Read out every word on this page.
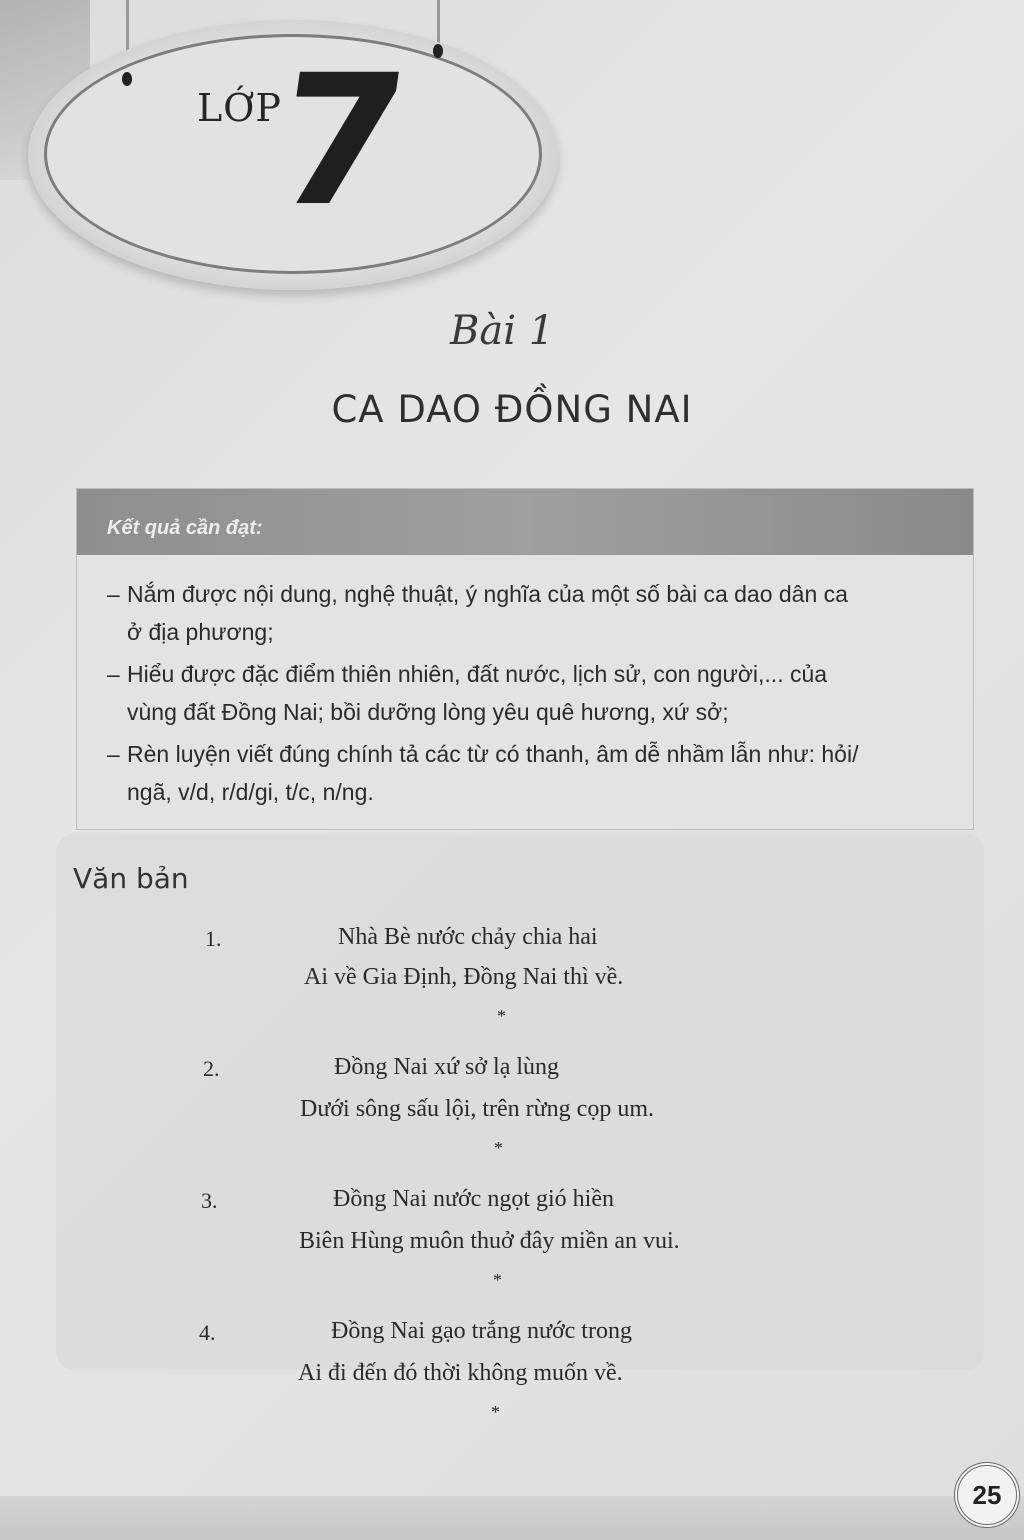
LỚP
7
Bài 1
CA DAO ĐỒNG NAI
Kết quả cần đạt:
– Nắm được nội dung, nghệ thuật, ý nghĩa của một số bài ca dao dân ca
ở địa phương;
– Hiểu được đặc điểm thiên nhiên, đất nước, lịch sử, con người,... của
vùng đất Đồng Nai; bồi dưỡng lòng yêu quê hương, xứ sở;
– Rèn luyện viết đúng chính tả các từ có thanh, âm dễ nhầm lẫn như: hỏi/
ngã, v/d, r/d/gi, t/c, n/ng.
Văn bản
1.	Nhà Bè nước chảy chia hai
Ai về Gia Định, Đồng Nai thì về.
*
2.	Đồng Nai xứ sở lạ lùng
Dưới sông sấu lội, trên rừng cọp um.
*
3.	Đồng Nai nước ngọt gió hiền
Biên Hùng muôn thuở đây miền an vui.
*
4.	Đồng Nai gạo trắng nước trong
Ai đi đến đó thời không muốn về.
*
25
